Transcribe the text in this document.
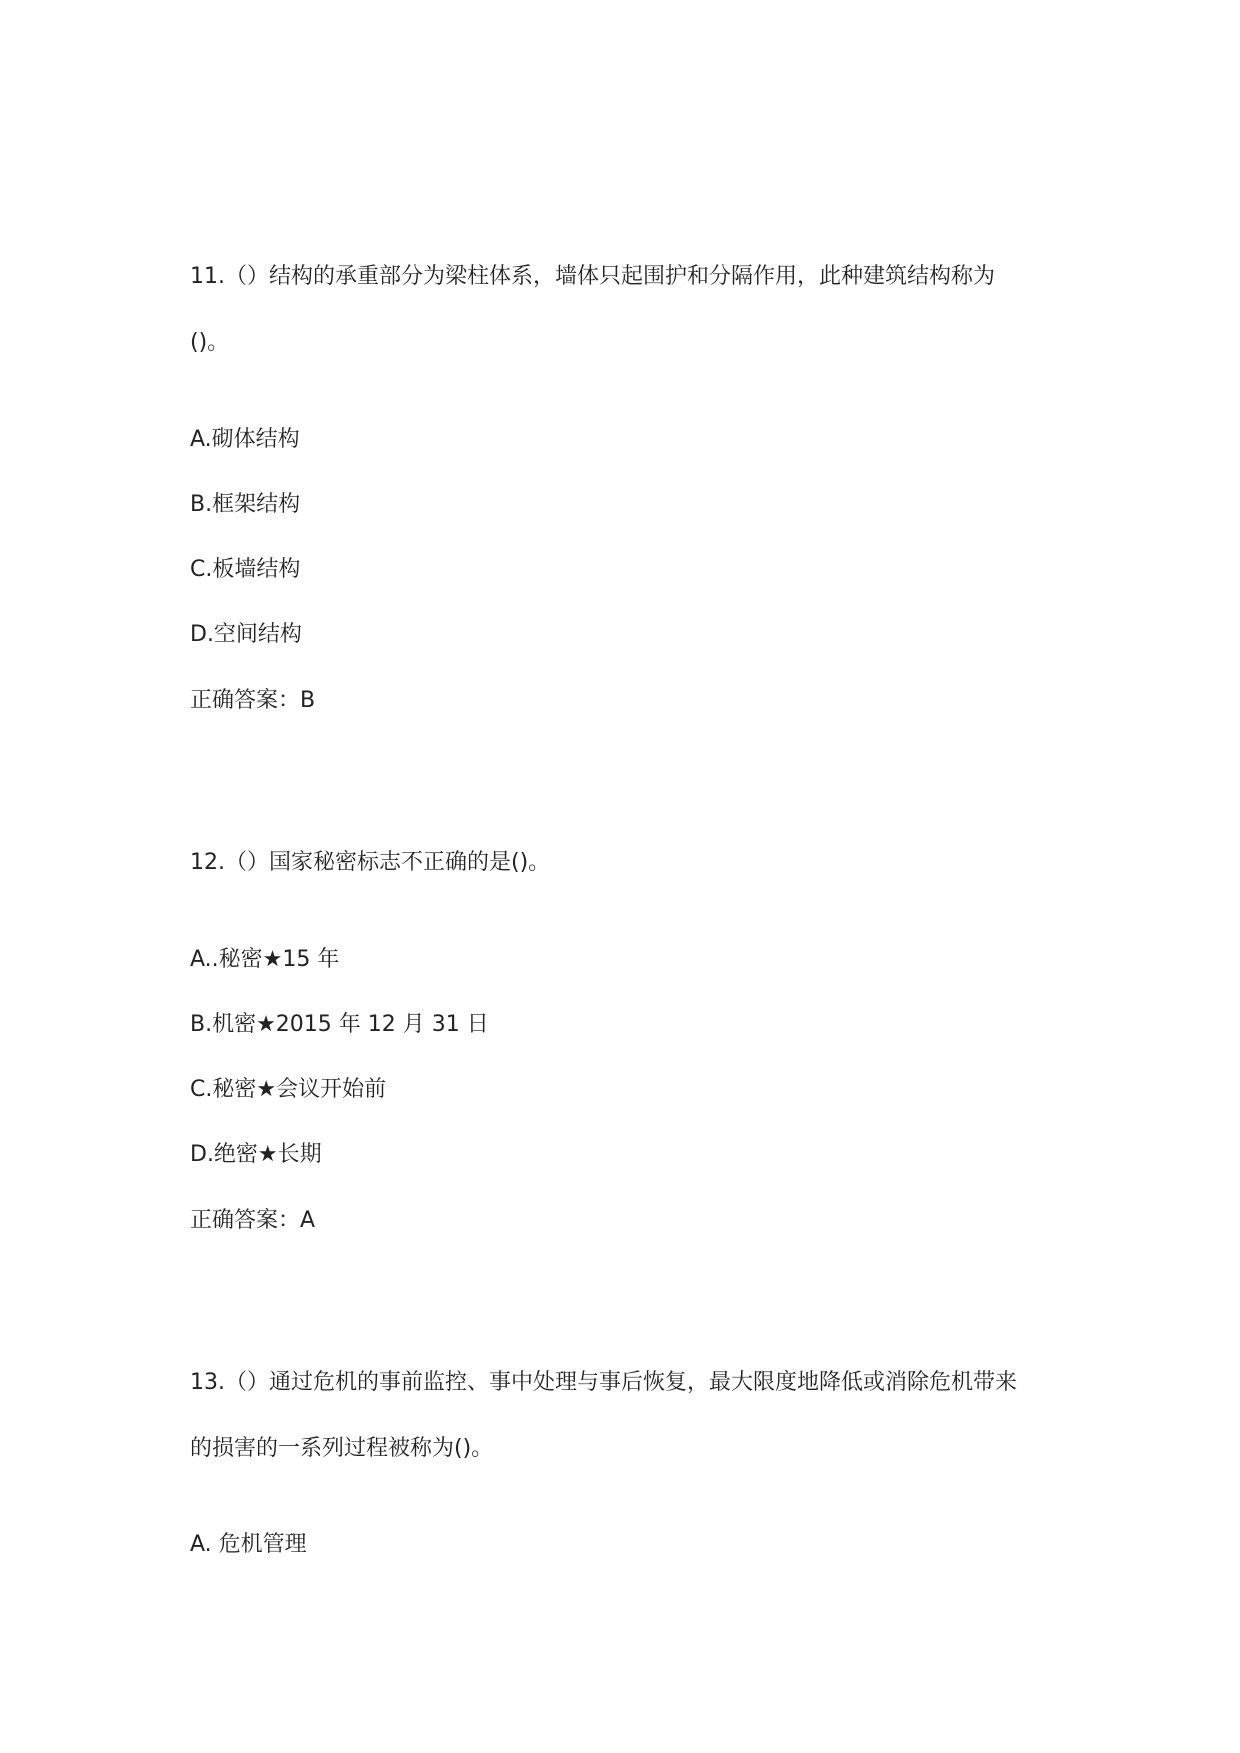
11.（）结构的承重部分为梁柱体系，墙体只起围护和分隔作用，此种建筑结构称为
()。
A.砌体结构
B.框架结构
C.板墙结构
D.空间结构
正确答案：B
12.（）国家秘密标志不正确的是()。
A..秘密★15 年
B.机密★2015 年 12 月 31 日
C.秘密★会议开始前
D.绝密★长期
正确答案：A
13.（）通过危机的事前监控、事中处理与事后恢复，最大限度地降低或消除危机带来
的损害的一系列过程被称为()。
A. 危机管理
